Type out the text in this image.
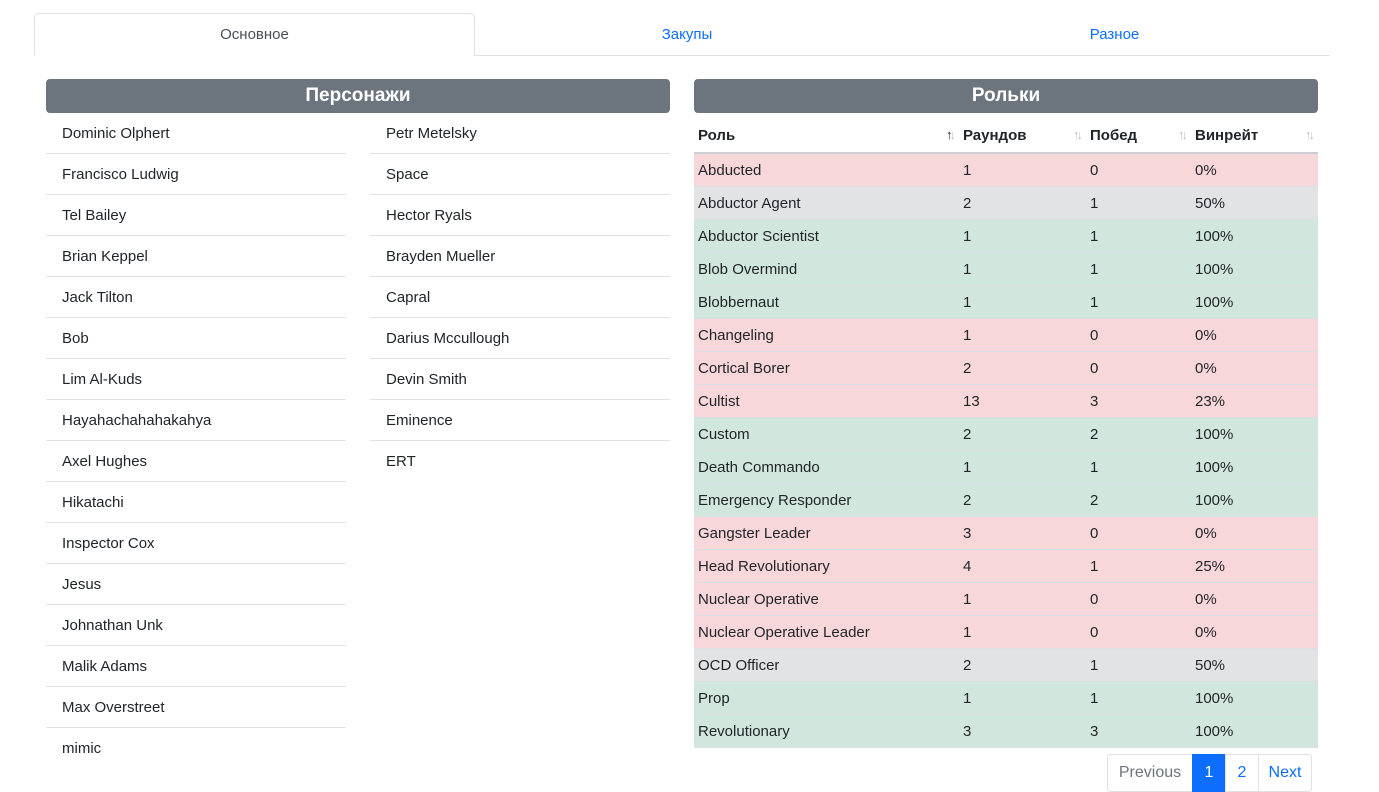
Основное	Закупы	Разное
Персонажи
Dominic Olphert
Francisco Ludwig
Tel Bailey
Brian Keppel
Jack Tilton
Bob
Lim Al-Kuds
Hayahachahahakahya
Axel Hughes
Hikatachi
Inspector Cox
Jesus
Johnathan Unk
Malik Adams
Max Overstreet
mimic
Petr Metelsky
Space
Hector Ryals
Brayden Mueller
Capral
Darius Mccullough
Devin Smith
Eminence
ERT
Рольки
Роль ↑↓	Раундов ↑↓	Побед ↑↓	Винрейт ↑↓

Abducted	1	0	0%
Abductor Agent	2	1	50%
Abductor Scientist	1	1	100%
Blob Overmind	1	1	100%
Blobbernaut	1	1	100%
Changeling	1	0	0%
Cortical Borer	2	0	0%
Cultist	13	3	23%
Custom	2	2	100%
Death Commando	1	1	100%
Emergency Responder	2	2	100%
Gangster Leader	3	0	0%
Head Revolutionary	4	1	25%
Nuclear Operative	1	0	0%
Nuclear Operative Leader	1	0	0%
OCD Officer	2	1	50%
Prop	1	1	100%
Revolutionary	3	3	100%
Previous	1	2	Next
